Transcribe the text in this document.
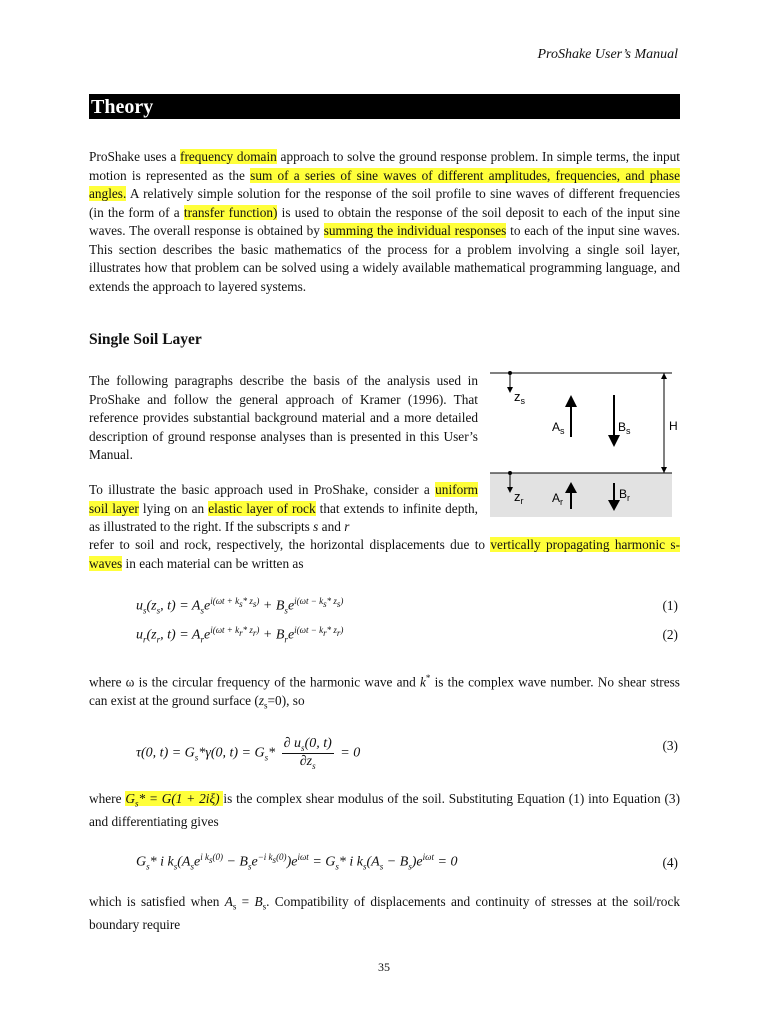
ProShake User’s Manual
Theory
ProShake uses a frequency domain approach to solve the ground response problem. In simple terms, the input motion is represented as the sum of a series of sine waves of different amplitudes, frequencies, and phase angles. A relatively simple solution for the response of the soil profile to sine waves of different frequencies (in the form of a transfer function) is used to obtain the response of the soil deposit to each of the input sine waves. The overall response is obtained by summing the individual responses to each of the input sine waves. This section describes the basic mathematics of the process for a problem involving a single soil layer, illustrates how that problem can be solved using a widely available mathematical programming language, and extends the approach to layered systems.
Single Soil Layer
The following paragraphs describe the basis of the analysis used in ProShake and follow the general approach of Kramer (1996). That reference provides substantial background material and a more detailed description of ground response analyses than is presented in this User’s Manual.
$z_s$
$A_s$	$B_s$	H
$z_r$ $A_r$
$B_r$
To illustrate the basic approach used in ProShake, consider a uniform soil layer lying on an elastic layer of rock that extends to infinite depth, as illustrated to the right. If the subscripts s and r
refer to soil and rock, respectively, the horizontal displacements due to vertically propagating harmonic s-waves in each material can be written as
$u_s(z_s$, $t) = A_se^{i(\omega t + k_s* z_s)} + B_se^{i(\omega t - k_s* z_s)}$	(1)
$u_r(z_r$, $t) = A_re^{i(\omega t + k_r* z_r)} + B_re^{i(\omega t - k_r* z_r)}$	(2)
where ω is the circular frequency of the harmonic wave and k* is the complex wave number. No shear stress can exist at the ground surface $(z_s=0)$, so
τ(0, $t) = G_s*\gamma(0$, $t) = G_s* \frac{\partial u_s(0, t)}{\partial z_s} = 0$
(3)
where $G_s* = G(1 + 2i\xi)$ is the complex shear modulus of the soil. Substituting Equation (1) into Equation (3) and differentiating gives
$G_s*$ i $k_s(A_se^{i k_s(0)} - B_se^{-i k_s(0)})e^{i\omega t} = G_s*$ i $k_s(A_s - B_s)e^{i\omega t} = 0$	(4)
which is satisfied when $A_s = B_s$. Compatibility of displacements and continuity of stresses at the soil/rock boundary require
35
